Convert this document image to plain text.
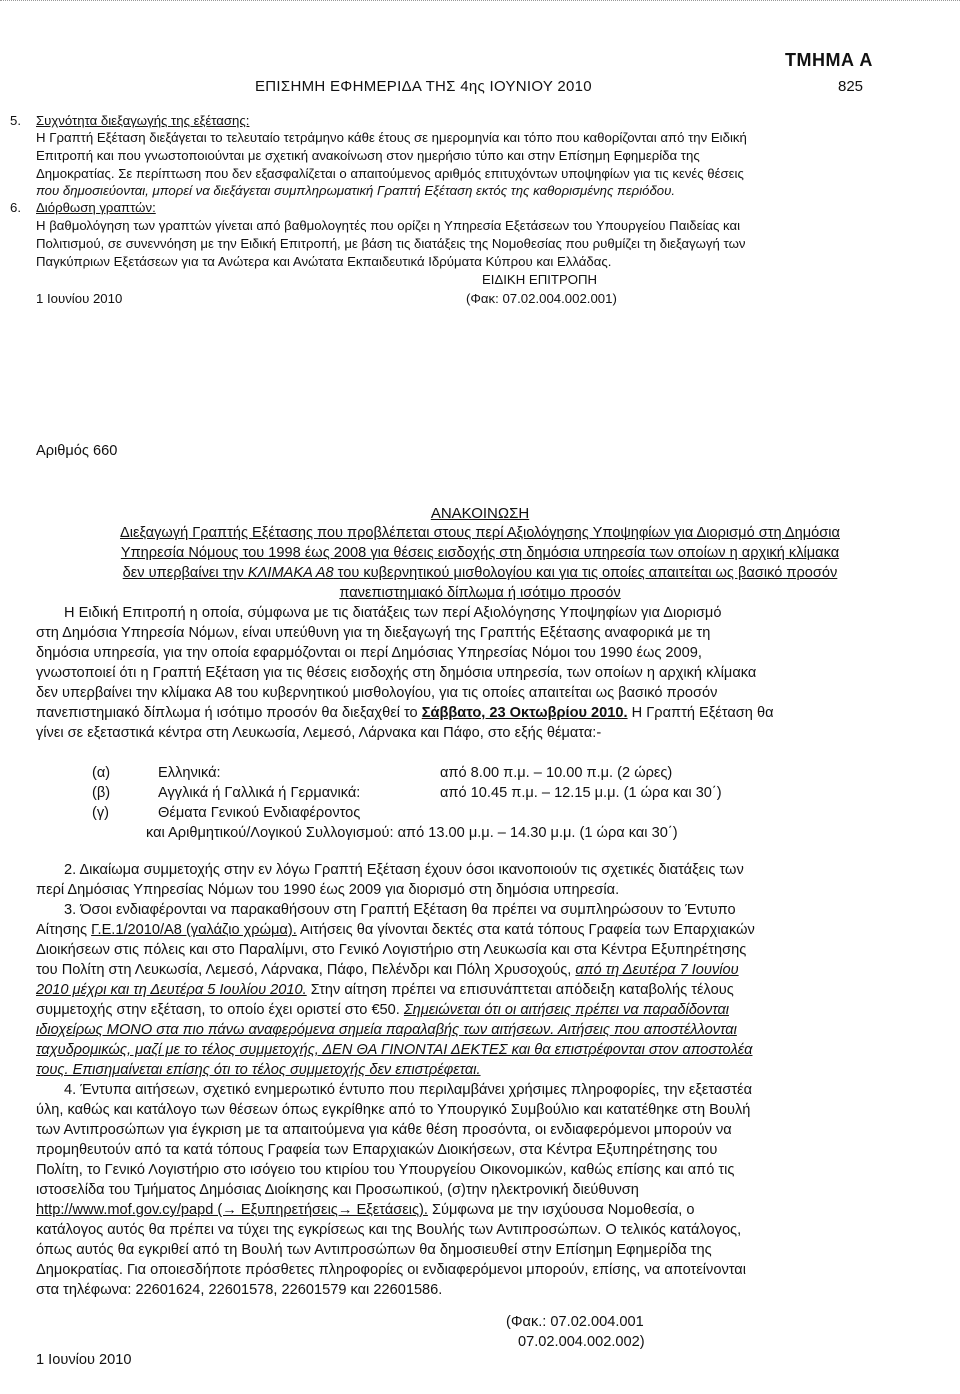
ΤΜΗΜΑ Α
ΕΠΙΣΗΜΗ ΕΦΗΜΕΡΙΔΑ ΤΗΣ 4ης ΙΟΥΝΙΟΥ 2010	825
5. Συχνότητα διεξαγωγής της εξέτασης:
Η Γραπτή Εξέταση διεξάγεται το τελευταίο τετράμηνο κάθε έτους σε ημερομηνία και τόπο που καθορίζονται από την Ειδική
Επιτροπή και που γνωστοποιούνται με σχετική ανακοίνωση στον ημερήσιο τύπο και στην Επίσημη Εφημερίδα της
Δημοκρατίας. Σε περίπτωση που δεν εξασφαλίζεται ο απαιτούμενος αριθμός επιτυχόντων υποψηφίων για τις κενές θέσεις
που δημοσιεύονται, μπορεί να διεξάγεται συμπληρωματική Γραπτή Εξέταση εκτός της καθορισμένης περιόδου.
6. Διόρθωση γραπτών:
Η βαθμολόγηση των γραπτών γίνεται από βαθμολογητές που ορίζει η Υπηρεσία Εξετάσεων του Υπουργείου Παιδείας και
Πολιτισμού, σε συνεννόηση με την Ειδική Επιτροπή, με βάση τις διατάξεις της Νομοθεσίας που ρυθμίζει τη διεξαγωγή των
Παγκύπριων Εξετάσεων για τα Ανώτερα και Ανώτατα Εκπαιδευτικά Ιδρύματα Κύπρου και Ελλάδας.
ΕΙΔΙΚΗ ΕΠΙΤΡΟΠΗ
1 Ιουνίου 2010	(Φακ: 07.02.004.002.001)
Αριθμός 660
ΑΝΑΚΟΙΝΩΣΗ
Διεξαγωγή Γραπτής Εξέτασης που προβλέπεται στους περί Αξιολόγησης Υποψηφίων για Διορισμό στη Δημόσια
Υπηρεσία Νόμους του 1998 έως 2008 για θέσεις εισδοχής στη δημόσια υπηρεσία των οποίων η αρχική κλίμακα
δεν υπερβαίνει την ΚΛΙΜΑΚΑ Α8 του κυβερνητικού μισθολογίου και για τις οποίες απαιτείται ως βασικό προσόν
πανεπιστημιακό δίπλωμα ή ισότιμο προσόν
Η Ειδική Επιτροπή η οποία, σύμφωνα με τις διατάξεις των περί Αξιολόγησης Υποψηφίων για Διορισμό
στη Δημόσια Υπηρεσία Νόμων, είναι υπεύθυνη για τη διεξαγωγή της Γραπτής Εξέτασης αναφορικά με τη
δημόσια υπηρεσία, για την οποία εφαρμόζονται οι περί Δημόσιας Υπηρεσίας Νόμοι του 1990 έως 2009,
γνωστοποιεί ότι η Γραπτή Εξέταση για τις θέσεις εισδοχής στη δημόσια υπηρεσία, των οποίων η αρχική κλίμακα
δεν υπερβαίνει την κλίμακα Α8 του κυβερνητικού μισθολογίου, για τις οποίες απαιτείται ως βασικό προσόν
πανεπιστημιακό δίπλωμα ή ισότιμο προσόν θα διεξαχθεί το Σάββατο, 23 Οκτωβρίου 2010. Η Γραπτή Εξέταση θα
γίνει σε εξεταστικά κέντρα στη Λευκωσία, Λεμεσό, Λάρνακα και Πάφο, στο εξής θέματα:-
(α)	Ελληνικά:	από 8.00 π.μ. – 10.00 π.μ. (2 ώρες)
(β)	Αγγλικά ή Γαλλικά ή Γερμανικά:	από 10.45 π.μ. – 12.15 μ.μ. (1 ώρα και 30΄)
(γ)	Θέματα Γενικού Ενδιαφέροντος
και Αριθμητικού/Λογικού Συλλογισμού: από 13.00 μ.μ. – 14.30 μ.μ. (1 ώρα και 30΄)
2. Δικαίωμα συμμετοχής στην εν λόγω Γραπτή Εξέταση έχουν όσοι ικανοποιούν τις σχετικές διατάξεις των
περί Δημόσιας Υπηρεσίας Νόμων του 1990 έως 2009 για διορισμό στη δημόσια υπηρεσία.
3. Όσοι ενδιαφέρονται να παρακαθήσουν στη Γραπτή Εξέταση θα πρέπει να συμπληρώσουν το Έντυπο
Αίτησης Γ.Ε.1/2010/Α8 (γαλάζιο χρώμα). Αιτήσεις θα γίνονται δεκτές στα κατά τόπους Γραφεία των Επαρχιακών
Διοικήσεων στις πόλεις και στο Παραλίμνι, στο Γενικό Λογιστήριο στη Λευκωσία και στα Κέντρα Εξυπηρέτησης
του Πολίτη στη Λευκωσία, Λεμεσό, Λάρνακα, Πάφο, Πελένδρι και Πόλη Χρυσοχούς, από τη Δευτέρα 7 Ιουνίου
2010 μέχρι και τη Δευτέρα 5 Ιουλίου 2010. Στην αίτηση πρέπει να επισυνάπτεται απόδειξη καταβολής τέλους
συμμετοχής στην εξέταση, το οποίο έχει οριστεί στο €50. Σημειώνεται ότι οι αιτήσεις πρέπει να παραδίδονται
ιδιοχείρως ΜΟΝΟ στα πιο πάνω αναφερόμενα σημεία παραλαβής των αιτήσεων. Αιτήσεις που αποστέλλονται
ταχυδρομικώς, μαζί με το τέλος συμμετοχής, ΔΕΝ ΘΑ ΓΙΝΟΝΤΑΙ ΔΕΚΤΕΣ και θα επιστρέφονται στον αποστολέα
τους. Επισημαίνεται επίσης ότι το τέλος συμμετοχής δεν επιστρέφεται.
4. Έντυπα αιτήσεων, σχετικό ενημερωτικό έντυπο που περιλαμβάνει χρήσιμες πληροφορίες, την εξεταστέα
ύλη, καθώς και κατάλογο των θέσεων όπως εγκρίθηκε από το Υπουργικό Συμβούλιο και κατατέθηκε στη Βουλή
των Αντιπροσώπων για έγκριση με τα απαιτούμενα για κάθε θέση προσόντα, οι ενδιαφερόμενοι μπορούν να
προμηθευτούν από τα κατά τόπους Γραφεία των Επαρχιακών Διοικήσεων, στα Κέντρα Εξυπηρέτησης του
Πολίτη, το Γενικό Λογιστήριο στο ισόγειο του κτιρίου του Υπουργείου Οικονομικών, καθώς επίσης και από τις
ιστοσελίδα του Τμήματος Δημόσιας Διοίκησης και Προσωπικού, (σ)την ηλεκτρονική διεύθυνση
http://www.mof.gov.cy/papd (→ Εξυπηρετήσεις→ Εξετάσεις). Σύμφωνα με την ισχύουσα Νομοθεσία, ο
κατάλογος αυτός θα πρέπει να τύχει της εγκρίσεως και της Βουλής των Αντιπροσώπων. Ο τελικός κατάλογος,
όπως αυτός θα εγκριθεί από τη Βουλή των Αντιπροσώπων θα δημοσιευθεί στην Επίσημη Εφημερίδα της
Δημοκρατίας. Για οποιεσδήποτε πρόσθετες πληροφορίες οι ενδιαφερόμενοι μπορούν, επίσης, να αποτείνονται
στα τηλέφωνα: 22601624, 22601578, 22601579 και 22601586.
(Φακ.: 07.02.004.001
07.02.004.002.002)
1 Ιουνίου 2010
